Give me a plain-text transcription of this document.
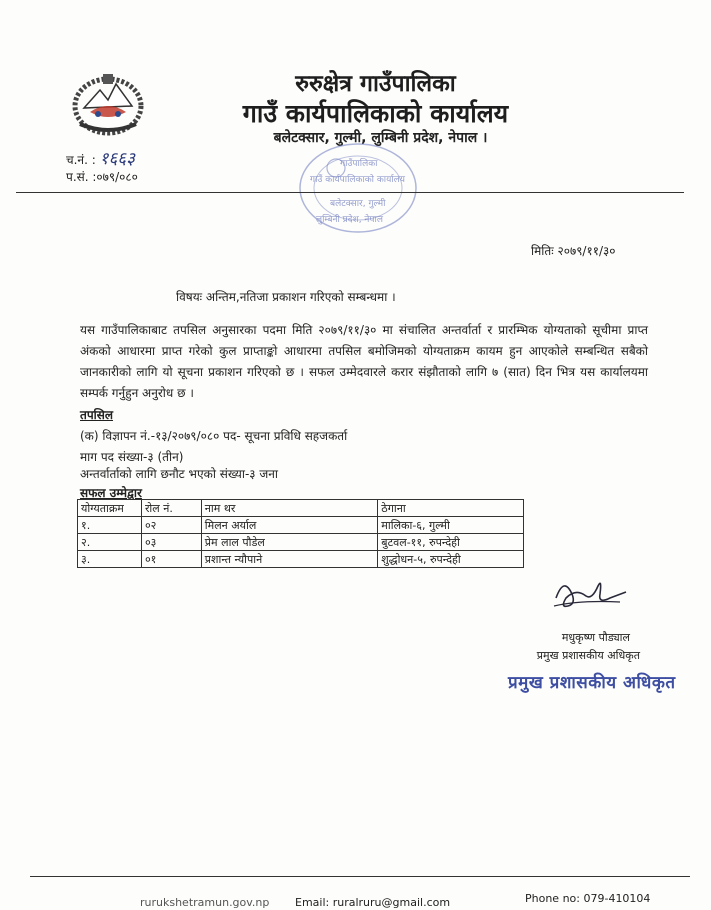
रुरुक्षेत्र गाउँपालिका
गाउँ कार्यपालिकाको कार्यालय
बलेटक्सार, गुल्मी, लुम्बिनी प्रदेश, नेपाल ।
च.नं. : १६६३
प.सं. :०७९/०८०
गाउँपालिका
गाउँ कार्यपालिकाको कार्यालय
बलेटक्सार, गुल्मी
लुम्बिनी प्रदेश, नेपाल
मितिः २०७९/११/३०
विषयः अन्तिम,नतिजा प्रकाशन गरिएको सम्बन्धमा ।
यस गाउँपालिकाबाट तपसिल अनुसारका पदमा मिति २०७९/११/३० मा संचालित अन्तर्वार्ता र प्रारम्भिक योग्यताको सूचीमा प्राप्त अंकको आधारमा प्राप्त गरेको कुल प्राप्ताङ्को आधारमा तपसिल बमोजिमको योग्यताक्रम कायम हुन आएकोले सम्बन्धित सबैको जानकारीको लागि यो सूचना प्रकाशन गरिएको छ । सफल उम्मेदवारले करार संझौताको लागि ७ (सात) दिन भित्र यस कार्यालयमा सम्पर्क गर्नुहुन अनुरोध छ ।
तपसिल
(क) विज्ञापन नं.-१३/२०७९/०८० पद- सूचना प्रविधि सहजकर्ता
माग पद संख्या-३ (तीन)
अन्तर्वार्ताको लागि छनौट भएको संख्या-३ जना
सफल उम्मेद्वार
योग्यताक्रम	रोल नं.	नाम थर	ठेगाना
१.	०२	मिलन अर्याल	मालिका-६, गुल्मी
२.	०३	प्रेम लाल पौडेल	बुटवल-११, रुपन्देही
३.	०१	प्रशान्त न्यौपाने	शुद्धोधन-५, रुपन्देही
मधुकृष्ण पौड्याल
प्रमुख प्रशासकीय अधिकृत
प्रमुख प्रशासकीय अधिकृत
rurukshetramun.gov.np Email: ruralruru@gmail.com	Phone no: 079-410104
